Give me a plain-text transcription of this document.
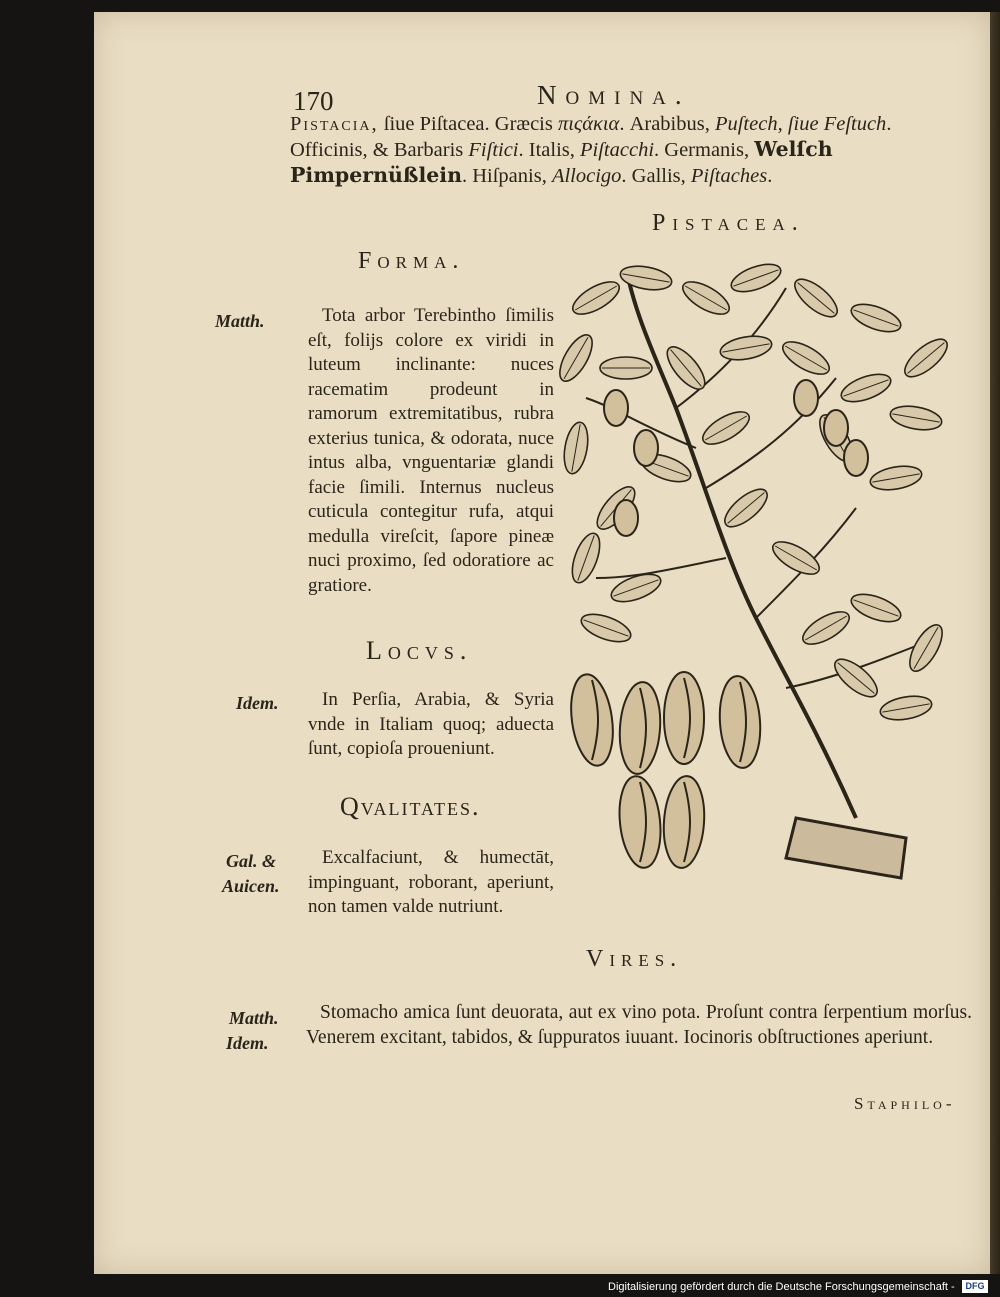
170	Nomina.
Pistacia, ſiue Piſtacea. Græcis πιςάκια. Arabibus, Puſtech, ſiue Feſtuch. Officinis, & Barbaris Fiſtici. Italis, Piſtacchi. Germanis, Welſch Pimpernüßlein. Hiſpanis, Allocigo. Gallis, Piſtaches.
Pistacea.
Forma.
Matth.	Tota arbor Terebintho ſimilis eſt, folijs colore ex viridi in luteum inclinante: nuces racematim prodeunt in ramorum extremitatibus, rubra exterius tunica, & odorata, nuce intus alba, vnguentariæ glandi facie ſimili. Internus nucleus cuticula contegitur rufa, atqui medulla vireſcit, ſapore pineæ nuci proximo, ſed odoratiore ac gratiore.

Locvs.
Idem.	In Perſia, Arabia, & Syria vnde in Italiam quoq; aduecta ſunt, copioſa proueniunt.

Qvalitates.
Gal. &
Auicen.

Excalfaciunt, & humectāt, impinguant, roborant, aperiunt, non tamen valde nutriunt.

Vires.
Matth.
Idem.
Stomacho amica ſunt deuorata, aut ex vino pota. Proſunt contra ſerpentium morſus. Venerem excitant, tabidos, & ſuppuratos iuuant. Iocinoris obſtructiones aperiunt.
Staphilo-
Digitalisierung gefördert durch die Deutsche Forschungsgemeinschaft -	DFG
